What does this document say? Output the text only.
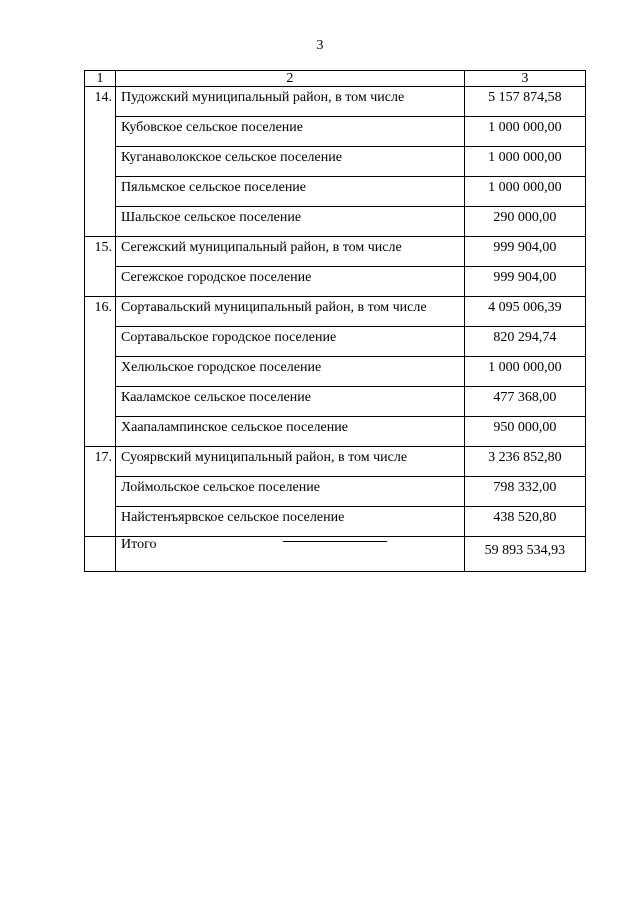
3
1	2	3
14.	Пудожский муниципальный район, в том числе	5 157 874,58
	Кубовское сельское поселение	1 000 000,00
	Куганаволокское сельское поселение	1 000 000,00
	Пяльмское сельское поселение	1 000 000,00
	Шальское сельское поселение	290 000,00
15.	Сегежский муниципальный район, в том числе	999 904,00
	Сегежское городское поселение	999 904,00
16.	Сортавальский муниципальный район, в том числе	4 095 006,39
	Сортавальское городское поселение	820 294,74
	Хелюльское городское поселение	1 000 000,00
	Кааламское сельское поселение	477 368,00
	Хаапалампинское сельское поселение	950 000,00
17.	Суоярвский муниципальный район, в том числе	3 236 852,80
	Лоймольское сельское поселение	798 332,00
	Найстенъярвское сельское поселение	438 520,80
	Итого	59 893 534,93
